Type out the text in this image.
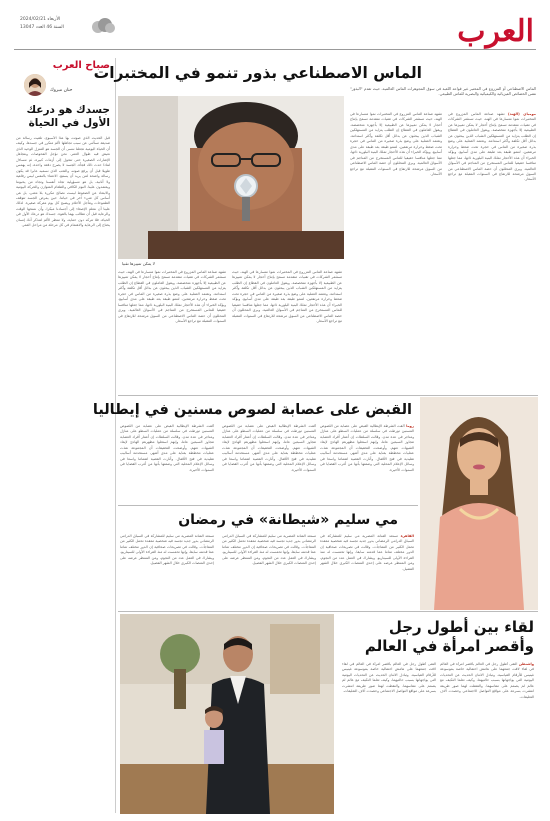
العرب
الأربعاء 2024/02/21
السنة 46 العدد 13047
صباح العرب
حنان مبروك
جسدك هو درعك الأول في الحياة
قبل الحديث الذي صوتت بها هذا الأسبوع، تلقيت رسالة من صديقة تسألني عن سبب تجاهلها لألم متكرر في جسدها، وكيف أن الحياة اليومية تجعلنا ننسى أن الجسد هو المنزل الوحيد الذي نعيش فيه طوال العمر. نحن نؤجل الفحوصات ونتجاهل الإشارات الصغيرة حتى تتحول إلى أزمات كبيرة، ثم نتساءل لماذا حدث ذلك فجأة. الجسد لا يصرخ دفعة واحدة، إنه يهمس طويلا قبل أن يرفع صوته، والتعب الذي نسميه عابرا قد يكون رسالة واضحة لمن يريد أن يسمع. الاعتناء بالنفس ليس رفاهية ولا أنانية، بل هو مسؤولية تجاه أنفسنا وتجاه من يحبوننا ويعتمدون علينا. النوم الكافي والطعام المتوازن والحركة اليومية والابتعاد عن الضغوط ليست نصائح مكررة بلا معنى، بل هي أساس كل شيء آخر في حياتنا. حين يمرض الجسد تتوقف الطموحات وتتأجل الأحلام ويصبح كل يوم معركة صغيرة. لذلك علينا أن نتعلم الإصغاء إلى أجسادنا مبكرا، وأن نمنحها الوقت والرعاية قبل أن تطالب بهما بالقوة. جسدك هو درعك الأول في الحياة، فلا تتركه دون حماية، ولا تنتظر الألم لتتذكر أنك إنسان يحتاج إلى الرعاية والاهتمام في كل مرحلة من مراحل العمر.
الماس الاصطناعي بذور تنمو في المختبرات
الماس الاصطناعي أو المزروع في المختبر غير قواعد اللعبة في سوق المجوهرات الماس العالمية، حيث تقدم "البذور" نفس الخصائص الفيزيائية والكيميائية والبصرية للماس الطبيعي.
لا يمكن تمييزها تقنيا
مومباي (الهند) تشهد صناعة الماس المزروع في المختبرات نموا متسارعا في الهند، حيث تستثمر الشركات في تقنيات متقدمة تسمح بإنتاج أحجار لا يمكن تمييزها عن الطبيعية إلا بأجهزة متخصصة. ويقول العاملون في القطاع إن الطلب يتزايد من المستهلكين الشباب الذين يبحثون عن بدائل أقل تكلفة وأكثر استدامة. وتعتمد العملية على وضع بذرة صغيرة من الماس في حجرة تحت ضغط وحرارة مرتفعين، لتنمو طبقة بعد طبقة على مدى أسابيع. ويؤكد الخبراء أن هذه الأحجار تملك البنية البلورية ذاتها، مما جعلها منافسا حقيقيا للماس المستخرج من المناجم في الأسواق العالمية. ويرى المحللون أن حصة الماس الاصطناعي من السوق مرشحة للارتفاع في السنوات المقبلة مع تراجع الأسعار.
تشهد صناعة الماس المزروع في المختبرات نموا متسارعا في الهند، حيث تستثمر الشركات في تقنيات متقدمة تسمح بإنتاج أحجار لا يمكن تمييزها عن الطبيعية إلا بأجهزة متخصصة. ويقول العاملون في القطاع إن الطلب يتزايد من المستهلكين الشباب الذين يبحثون عن بدائل أقل تكلفة وأكثر استدامة. وتعتمد العملية على وضع بذرة صغيرة من الماس في حجرة تحت ضغط وحرارة مرتفعين، لتنمو طبقة بعد طبقة على مدى أسابيع. ويؤكد الخبراء أن هذه الأحجار تملك البنية البلورية ذاتها، مما جعلها منافسا حقيقيا للماس المستخرج من المناجم في الأسواق العالمية. ويرى المحللون أن حصة الماس الاصطناعي من السوق مرشحة للارتفاع في السنوات المقبلة مع تراجع الأسعار.
تشهد صناعة الماس المزروع في المختبرات نموا متسارعا في الهند، حيث تستثمر الشركات في تقنيات متقدمة تسمح بإنتاج أحجار لا يمكن تمييزها عن الطبيعية إلا بأجهزة متخصصة. ويقول العاملون في القطاع إن الطلب يتزايد من المستهلكين الشباب الذين يبحثون عن بدائل أقل تكلفة وأكثر استدامة. وتعتمد العملية على وضع بذرة صغيرة من الماس في حجرة تحت ضغط وحرارة مرتفعين، لتنمو طبقة بعد طبقة على مدى أسابيع. ويؤكد الخبراء أن هذه الأحجار تملك البنية البلورية ذاتها، مما جعلها منافسا حقيقيا للماس المستخرج من المناجم في الأسواق العالمية. ويرى المحللون أن حصة الماس الاصطناعي من السوق مرشحة للارتفاع في السنوات المقبلة مع تراجع الأسعار.
تشهد صناعة الماس المزروع في المختبرات نموا متسارعا في الهند، حيث تستثمر الشركات في تقنيات متقدمة تسمح بإنتاج أحجار لا يمكن تمييزها عن الطبيعية إلا بأجهزة متخصصة. ويقول العاملون في القطاع إن الطلب يتزايد من المستهلكين الشباب الذين يبحثون عن بدائل أقل تكلفة وأكثر استدامة. وتعتمد العملية على وضع بذرة صغيرة من الماس في حجرة تحت ضغط وحرارة مرتفعين، لتنمو طبقة بعد طبقة على مدى أسابيع. ويؤكد الخبراء أن هذه الأحجار تملك البنية البلورية ذاتها، مما جعلها منافسا حقيقيا للماس المستخرج من المناجم في الأسواق العالمية. ويرى المحللون أن حصة الماس الاصطناعي من السوق مرشحة للارتفاع في السنوات المقبلة مع تراجع الأسعار.
القبض على عصابة لصوص مسنين في إيطاليا
روما ألقت الشرطة الإيطالية القبض على عصابة من اللصوص المسنين تورطت في سلسلة من عمليات السطو على منازل ومتاجر في عدة مدن. وقالت السلطات إن أعمار أفراد العصابة تتجاوز السبعين عاما، وإنهم استغلوا مظهرهم الهادئ لإبعاد الشبهات عنهم. وأوضحت التحقيقات أن المجموعة نفذت عمليات مخططة بعناية على مدى أشهر، مستخدمة أساليب تقليدية في فتح الأقفال. وأثارت القضية اهتماما واسعا في وسائل الإعلام المحلية التي وصفتها بأنها من أغرب القضايا في السنوات الأخيرة.
ألقت الشرطة الإيطالية القبض على عصابة من اللصوص المسنين تورطت في سلسلة من عمليات السطو على منازل ومتاجر في عدة مدن. وقالت السلطات إن أعمار أفراد العصابة تتجاوز السبعين عاما، وإنهم استغلوا مظهرهم الهادئ لإبعاد الشبهات عنهم. وأوضحت التحقيقات أن المجموعة نفذت عمليات مخططة بعناية على مدى أشهر، مستخدمة أساليب تقليدية في فتح الأقفال. وأثارت القضية اهتماما واسعا في وسائل الإعلام المحلية التي وصفتها بأنها من أغرب القضايا في السنوات الأخيرة.
ألقت الشرطة الإيطالية القبض على عصابة من اللصوص المسنين تورطت في سلسلة من عمليات السطو على منازل ومتاجر في عدة مدن. وقالت السلطات إن أعمار أفراد العصابة تتجاوز السبعين عاما، وإنهم استغلوا مظهرهم الهادئ لإبعاد الشبهات عنهم. وأوضحت التحقيقات أن المجموعة نفذت عمليات مخططة بعناية على مدى أشهر، مستخدمة أساليب تقليدية في فتح الأقفال. وأثارت القضية اهتماما واسعا في وسائل الإعلام المحلية التي وصفتها بأنها من أغرب القضايا في السنوات الأخيرة.
مي سليم «شيطانة» في رمضان
القاهرة تستعد الفنانة المصرية مي سليم للمشاركة في السباق الدرامي الرمضاني بدور جديد تجسد فيه شخصية معقدة تحمل الكثير من المفاجآت. وقالت في تصريحات صحافية إن الدور مختلف تماما عما قدمته سابقا، وإنها تحمست له منذ القراءة الأولى للسيناريو. ويشارك في العمل عدد من النجوم، ومن المنتظر عرضه على إحدى المنصات الكبرى خلال الشهر الفضيل.
تستعد الفنانة المصرية مي سليم للمشاركة في السباق الدرامي الرمضاني بدور جديد تجسد فيه شخصية معقدة تحمل الكثير من المفاجآت. وقالت في تصريحات صحافية إن الدور مختلف تماما عما قدمته سابقا، وإنها تحمست له منذ القراءة الأولى للسيناريو. ويشارك في العمل عدد من النجوم، ومن المنتظر عرضه على إحدى المنصات الكبرى خلال الشهر الفضيل.
تستعد الفنانة المصرية مي سليم للمشاركة في السباق الدرامي الرمضاني بدور جديد تجسد فيه شخصية معقدة تحمل الكثير من المفاجآت. وقالت في تصريحات صحافية إن الدور مختلف تماما عما قدمته سابقا، وإنها تحمست له منذ القراءة الأولى للسيناريو. ويشارك في العمل عدد من النجوم، ومن المنتظر عرضه على إحدى المنصات الكبرى خلال الشهر الفضيل.
لقاء بين أطول رجل وأقصر امرأة في العالم
واشنطن التقى أطول رجل في العالم بأقصر امرأة في العالم في لقاء لافت جمعهما على هامش احتفالية خاصة بموسوعة غينيس للأرقام القياسية. وتبادل الاثنان الحديث عن التحديات اليومية التي يواجهانها بسبب حالتيهما، وكيف تعلما التكيف مع عالم لم يصمم على مقاسهما. والتقطت لهما صور طريفة انتشرت بسرعة على مواقع التواصل الاجتماعي وحصدت آلاف التعليقات.
التقى أطول رجل في العالم بأقصر امرأة في العالم في لقاء لافت جمعهما على هامش احتفالية خاصة بموسوعة غينيس للأرقام القياسية. وتبادل الاثنان الحديث عن التحديات اليومية التي يواجهانها بسبب حالتيهما، وكيف تعلما التكيف مع عالم لم يصمم على مقاسهما. والتقطت لهما صور طريفة انتشرت بسرعة على مواقع التواصل الاجتماعي وحصدت آلاف التعليقات.
